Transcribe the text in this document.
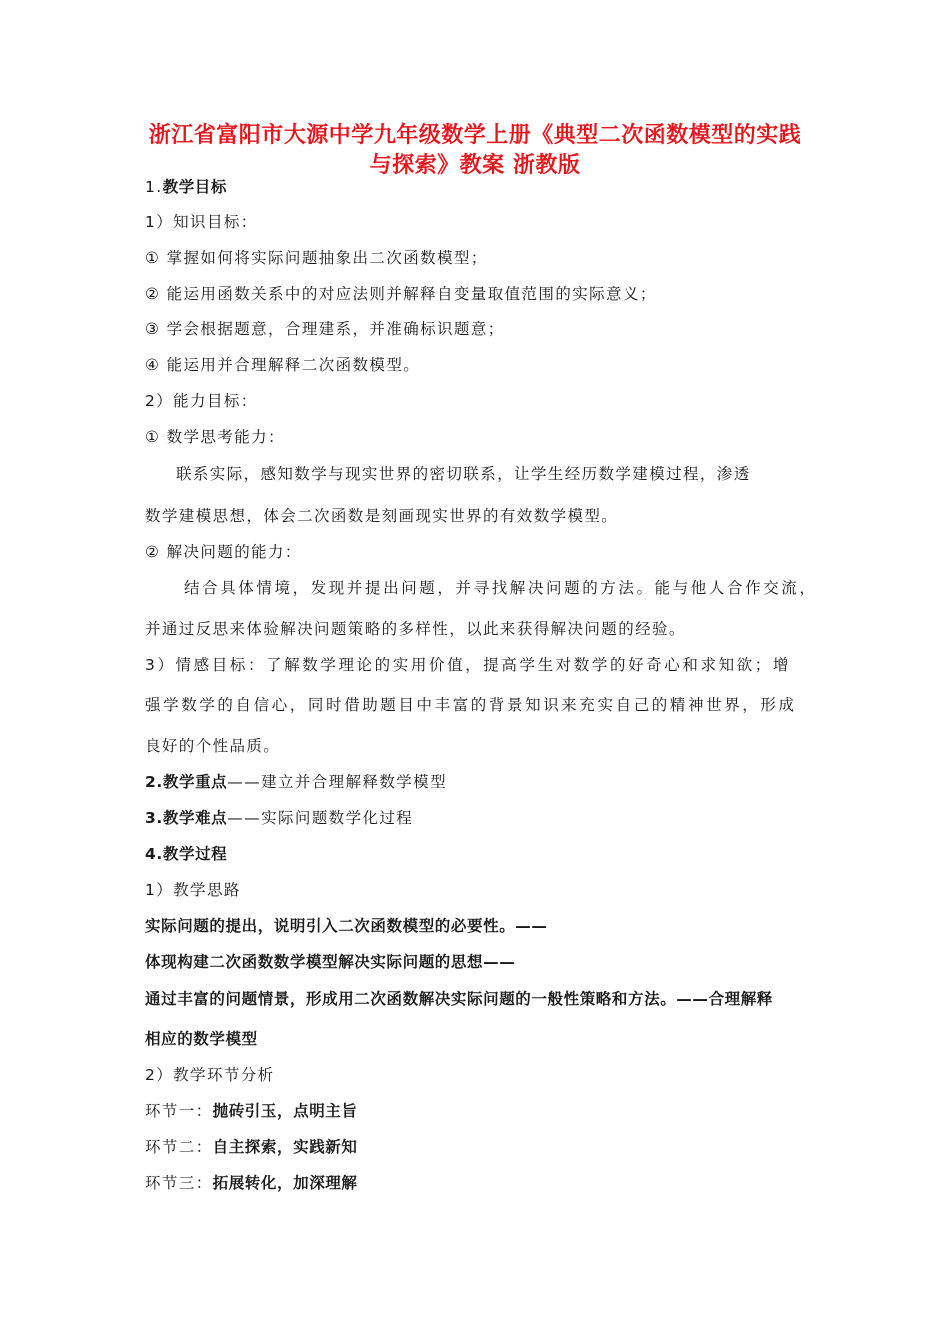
浙江省富阳市大源中学九年级数学上册《典型二次函数模型的实践
与探索》教案 浙教版
1.教学目标
1）知识目标：
① 掌握如何将实际问题抽象出二次函数模型；
② 能运用函数关系中的对应法则并解释自变量取值范围的实际意义；
③ 学会根据题意，合理建系，并准确标识题意；
④ 能运用并合理解释二次函数模型。
2）能力目标：
① 数学思考能力：
联系实际，感知数学与现实世界的密切联系，让学生经历数学建模过程，渗透
数学建模思想，体会二次函数是刻画现实世界的有效数学模型。
② 解决问题的能力：
结合具体情境，发现并提出问题，并寻找解决问题的方法。能与他人合作交流，
并通过反思来体验解决问题策略的多样性，以此来获得解决问题的经验。
3）情感目标：了解数学理论的实用价值，提高学生对数学的好奇心和求知欲；增
强学数学的自信心，同时借助题目中丰富的背景知识来充实自己的精神世界，形成
良好的个性品质。
2.教学重点——建立并合理解释数学模型
3.教学难点——实际问题数学化过程
4.教学过程
1）教学思路
实际问题的提出，说明引入二次函数模型的必要性。——
体现构建二次函数数学模型解决实际问题的思想——
通过丰富的问题情景，形成用二次函数解决实际问题的一般性策略和方法。——合理解释
相应的数学模型
2）教学环节分析
环节一：抛砖引玉，点明主旨
环节二：自主探索，实践新知
环节三：拓展转化，加深理解
